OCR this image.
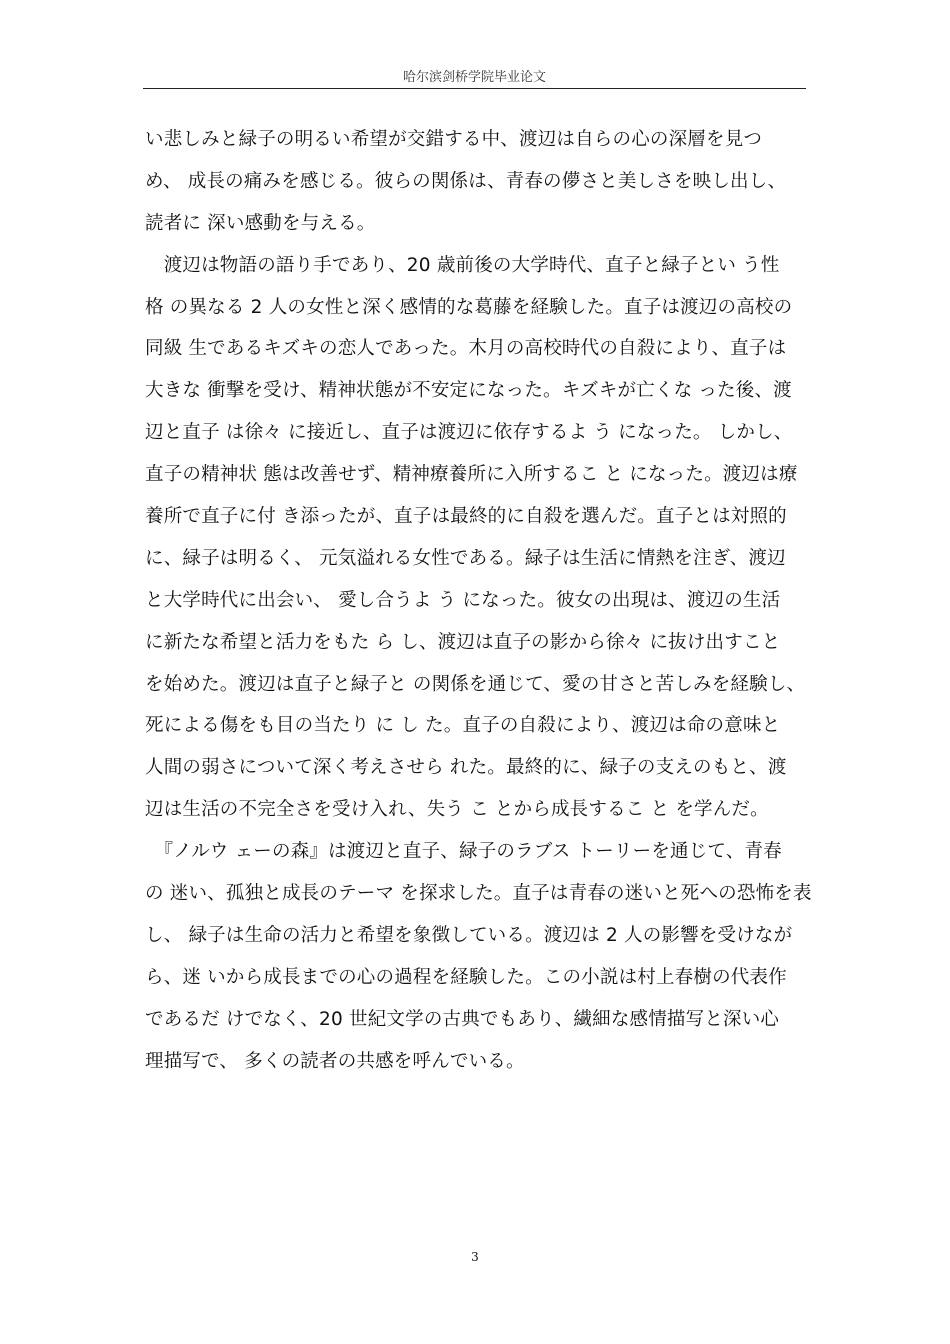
哈尔滨剑桥学院毕业论文
い悲しみと緑子の明るい希望が交錯する中、渡辺は自らの心の深層を見つ
め、 成長の痛みを感じる。彼らの関係は、青春の儚さと美しさを映し出し、
読者に 深い感動を与える。
　渡辺は物語の語り手であり、20 歳前後の大学時代、直子と緑子とい う性
格 の異なる 2 人の女性と深く感情的な葛藤を経験した。直子は渡辺の高校の
同級 生であるキズキの恋人であった。木月の高校時代の自殺により、直子は
大きな 衝撃を受け、精神状態が不安定になった。キズキが亡くな った後、渡
辺と直子 は徐々 に接近し、直子は渡辺に依存するよ う になった。 しかし、
直子の精神状 態は改善せず、精神療養所に入所するこ と になった。渡辺は療
養所で直子に付 き添ったが、直子は最終的に自殺を選んだ。直子とは対照的
に、緑子は明るく、 元気溢れる女性である。緑子は生活に情熱を注ぎ、渡辺
と大学時代に出会い、 愛し合うよ う になった。彼女の出現は、渡辺の生活
に新たな希望と活力をもた ら し、渡辺は直子の影から徐々 に抜け出すこと
を始めた。渡辺は直子と緑子と の関係を通じて、愛の甘さと苦しみを経験し、
死による傷をも目の当たり に し た。直子の自殺により、渡辺は命の意味と
人間の弱さについて深く考えさせら れた。最終的に、緑子の支えのもと、渡
辺は生活の不完全さを受け入れ、失う こ とから成長するこ と を学んだ。
　『ノルウ ェーの森』は渡辺と直子、緑子のラブス トーリーを通じて、青春
の 迷い、孤独と成長のテーマ を探求した。直子は青春の迷いと死への恐怖を表
し、 緑子は生命の活力と希望を象徴している。渡辺は 2 人の影響を受けなが
ら、迷 いから成長までの心の過程を経験した。この小説は村上春樹の代表作
であるだ けでなく、20 世紀文学の古典でもあり、繊細な感情描写と深い心
理描写で、 多くの読者の共感を呼んでいる。
3
